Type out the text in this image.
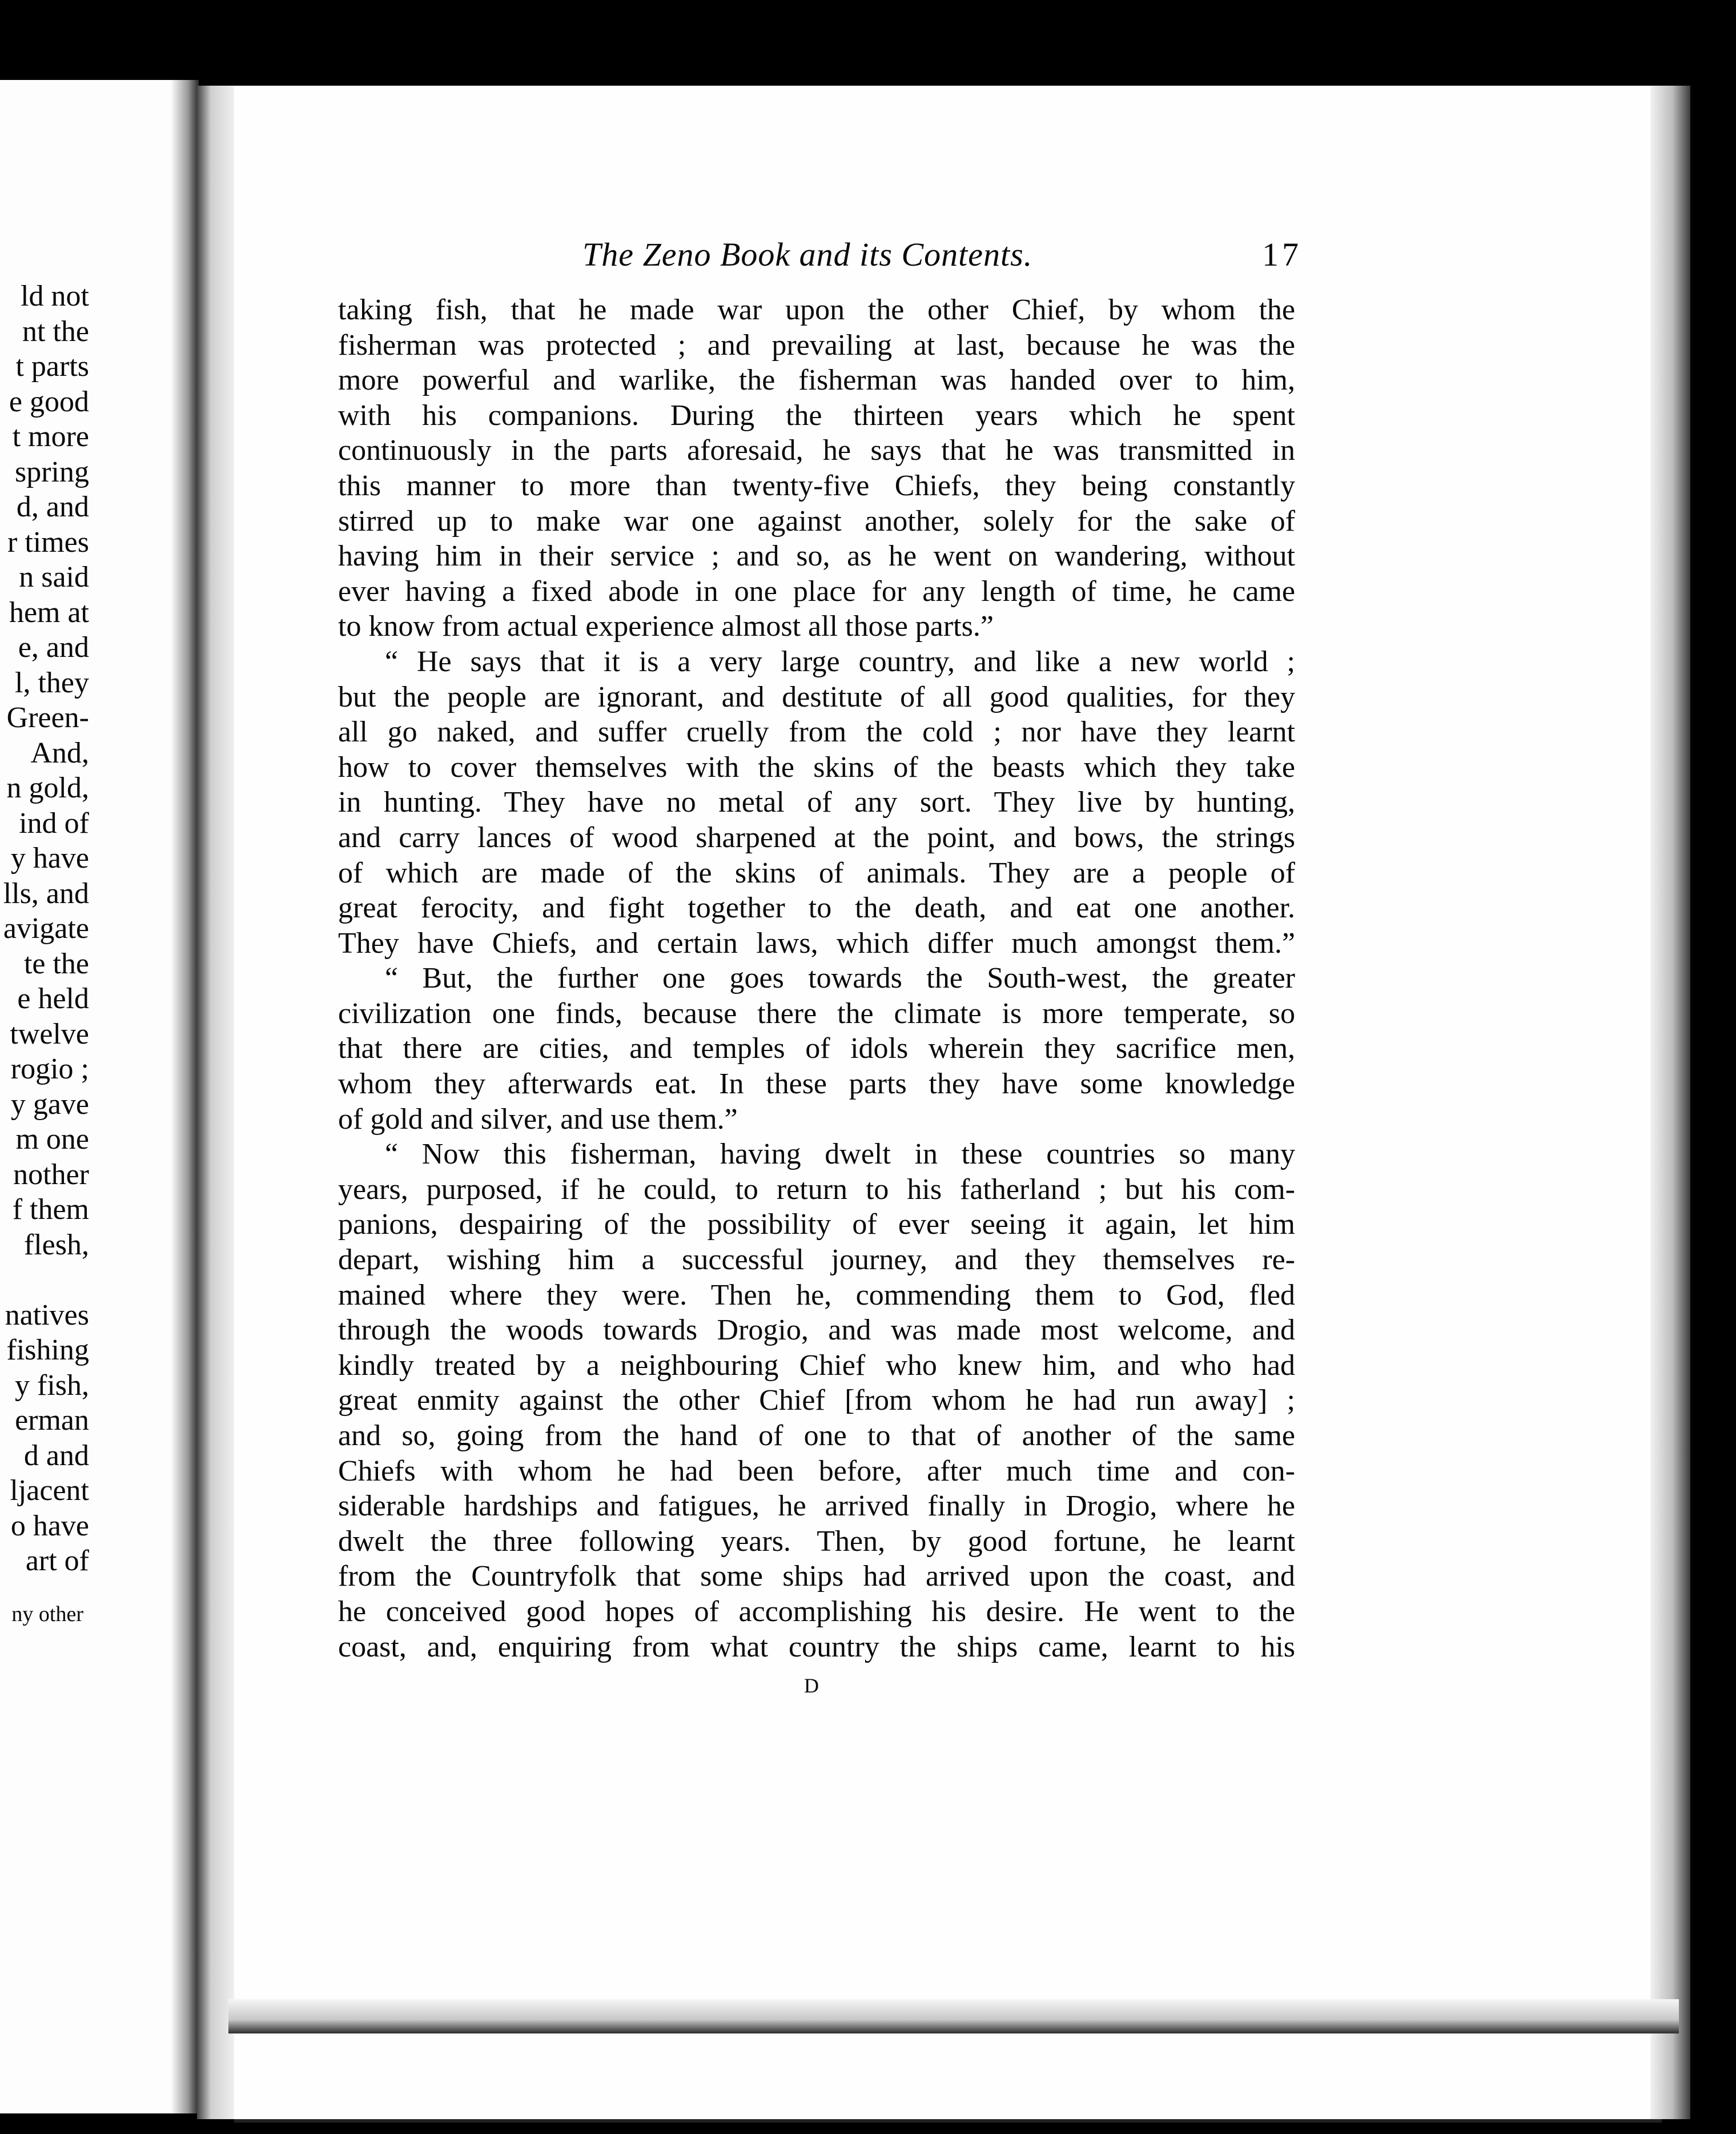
ld not
nt the
t parts
e good
t more
spring
d, and
r times
n said
hem at
e, and
l, they
Green-
And,
n gold,
ind of
y have
lls, and
avigate
te the
e held
twelve
rogio ;
y gave
m one
nother
f them
flesh,
natives
fishing
y fish,
erman
d and
ljacent
o have
art of
ny other
The Zeno Book and its Contents.	17
taking fish, that he made war upon the other Chief, by whom the
fisherman was protected ; and prevailing at last, because he was the
more powerful and warlike, the fisherman was handed over to him,
with his companions. During the thirteen years which he spent
continuously in the parts aforesaid, he says that he was transmitted in
this manner to more than twenty-five Chiefs, they being constantly
stirred up to make war one against another, solely for the sake of
having him in their service ; and so, as he went on wandering, without
ever having a fixed abode in one place for any length of time, he came
to know from actual experience almost all those parts.”
“ He says that it is a very large country, and like a new world ;
but the people are ignorant, and destitute of all good qualities, for they
all go naked, and suffer cruelly from the cold ; nor have they learnt
how to cover themselves with the skins of the beasts which they take
in hunting. They have no metal of any sort. They live by hunting,
and carry lances of wood sharpened at the point, and bows, the strings
of which are made of the skins of animals. They are a people of
great ferocity, and fight together to the death, and eat one another.
They have Chiefs, and certain laws, which differ much amongst them.”
“ But, the further one goes towards the South-west, the greater
civilization one finds, because there the climate is more temperate, so
that there are cities, and temples of idols wherein they sacrifice men,
whom they afterwards eat. In these parts they have some knowledge
of gold and silver, and use them.”
“ Now this fisherman, having dwelt in these countries so many
years, purposed, if he could, to return to his fatherland ; but his com-
panions, despairing of the possibility of ever seeing it again, let him
depart, wishing him a successful journey, and they themselves re-
mained where they were. Then he, commending them to God, fled
through the woods towards Drogio, and was made most welcome, and
kindly treated by a neighbouring Chief who knew him, and who had
great enmity against the other Chief [from whom he had run away] ;
and so, going from the hand of one to that of another of the same
Chiefs with whom he had been before, after much time and con-
siderable hardships and fatigues, he arrived finally in Drogio, where he
dwelt the three following years. Then, by good fortune, he learnt
from the Countryfolk that some ships had arrived upon the coast, and
he conceived good hopes of accomplishing his desire. He went to the
coast, and, enquiring from what country the ships came, learnt to his
D
